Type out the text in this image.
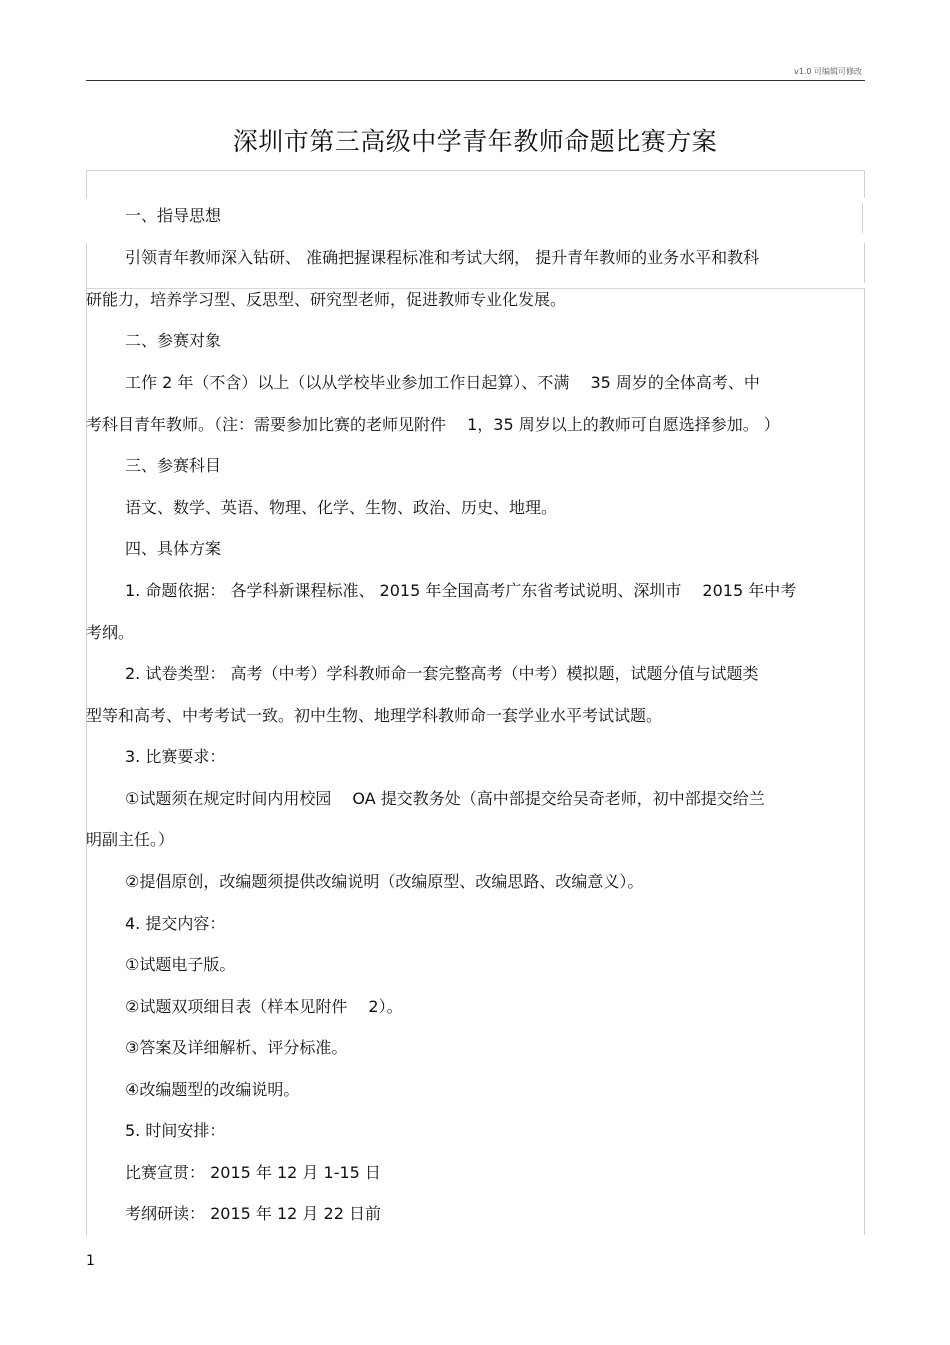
v1.0 可编辑可修改
深圳市第三高级中学青年教师命题比赛方案
一、指导思想
引领青年教师深入钻研、 准确把握课程标准和考试大纲， 提升青年教师的业务水平和教科
研能力，培养学习型、反思型、研究型老师，促进教师专业化发展。
二、参赛对象
工作 2 年（不含）以上（以从学校毕业参加工作日起算）、不满 　35 周岁的全体高考、中
考科目青年教师。（注：需要参加比赛的老师见附件 　1，35 周岁以上的教师可自愿选择参加。 ）
三、参赛科目
语文、数学、英语、物理、化学、生物、政治、历史、地理。
四、具体方案
1. 命题依据： 各学科新课程标准、 2015 年全国高考广东省考试说明、深圳市 　2015 年中考
考纲。
2. 试卷类型： 高考（中考）学科教师命一套完整高考（中考）模拟题，试题分值与试题类
型等和高考、中考考试一致。初中生物、地理学科教师命一套学业水平考试试题。
3. 比赛要求：
①试题须在规定时间内用校园 　OA 提交教务处（高中部提交给吴奇老师，初中部提交给兰
明副主任。）
②提倡原创，改编题须提供改编说明（改编原型、改编思路、改编意义）。
4. 提交内容：
①试题电子版。
②试题双项细目表（样本见附件 　2）。
③答案及详细解析、评分标准。
④改编题型的改编说明。
5. 时间安排：
比赛宣贯： 2015 年 12 月 1-15 日
考纲研读： 2015 年 12 月 22 日前
1
